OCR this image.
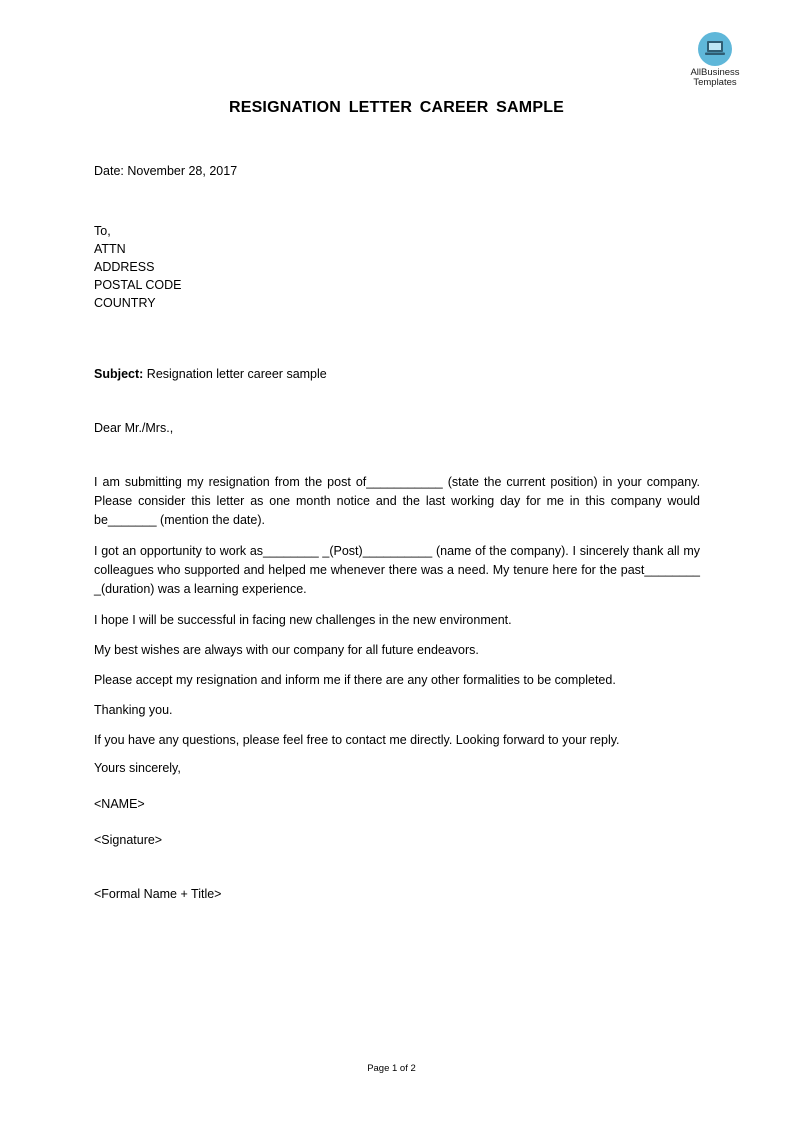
AllBusiness
Templates
RESIGNATION LETTER CAREER SAMPLE
Date: November 28, 2017
To,
ATTN
ADDRESS
POSTAL CODE
COUNTRY
Subject: Resignation letter career sample
Dear Mr./Mrs.,
I am submitting my resignation from the post of___________ (state the current position) in your company. Please consider this letter as one month notice and the last working day for me in this company would be_______ (mention the date).
I got an opportunity to work as________ _(Post)__________ (name of the company). I sincerely thank all my colleagues who supported and helped me whenever there was a need. My tenure here for the past________ _(duration) was a learning experience.
I hope I will be successful in facing new challenges in the new environment.
My best wishes are always with our company for all future endeavors.
Please accept my resignation and inform me if there are any other formalities to be completed.
Thanking you.
If you have any questions, please feel free to contact me directly. Looking forward to your reply.
Yours sincerely,
<NAME>
<Signature>
<Formal Name + Title>
Page 1 of 2
